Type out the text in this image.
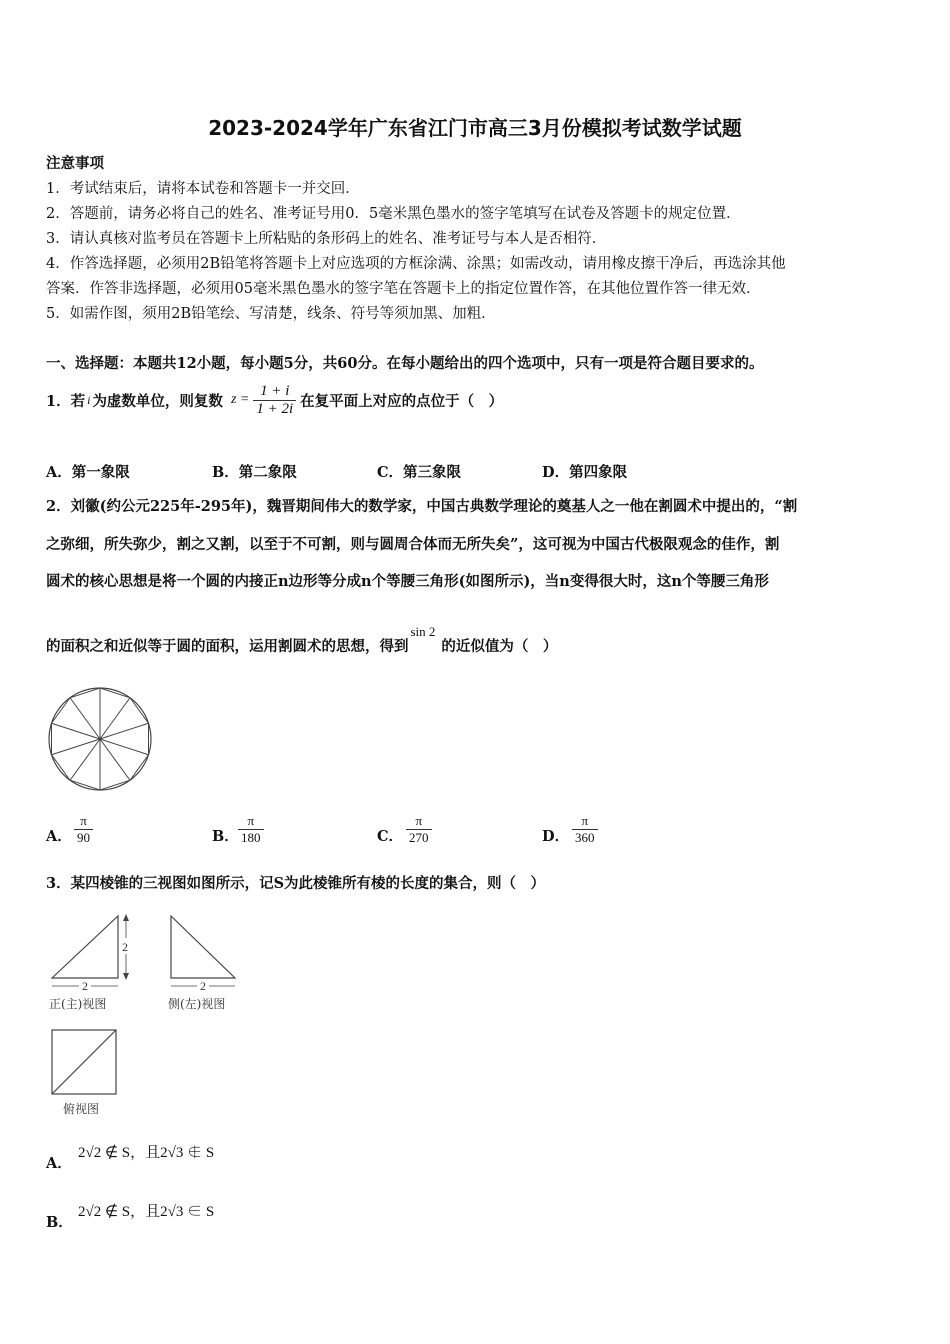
2023-2024学年广东省江门市高三3月份模拟考试数学试题
注意事项
1．考试结束后，请将本试卷和答题卡一并交回．
2．答题前，请务必将自己的姓名、准考证号用0．5毫米黑色墨水的签字笔填写在试卷及答题卡的规定位置．
3．请认真核对监考员在答题卡上所粘贴的条形码上的姓名、准考证号与本人是否相符．
4．作答选择题，必须用2B铅笔将答题卡上对应选项的方框涂满、涂黑；如需改动，请用橡皮擦干净后，再选涂其他
答案．作答非选择题，必须用05毫米黑色墨水的签字笔在答题卡上的指定位置作答，在其他位置作答一律无效．
5．如需作图，须用2B铅笔绘、写清楚，线条、符号等须加黑、加粗．
一、选择题：本题共12小题，每小题5分，共60分。在每小题给出的四个选项中，只有一项是符合题目要求的。
1．若 i 为虚数单位，则复数 $z = \frac{1 + i}{1 + 2i}$ 在复平面上对应的点位于（　）
A．第一象限	B．第二象限	C．第三象限	D．第四象限
2．刘徽(约公元225年-295年)，魏晋期间伟大的数学家，中国古典数学理论的奠基人之一他在割圆术中提出的，“割
之弥细，所失弥少，割之又割，以至于不可割，则与圆周合体而无所失矣”，这可视为中国古代极限观念的佳作，割
圆术的核心思想是将一个圆的内接正n边形等分成n个等腰三角形(如图所示)，当n变得很大时，这n个等腰三角形
的面积之和近似等于圆的面积，运用割圆术的思想，得到
sin 2
的近似值为（　）
A． $\frac{\pi}{90}$	B． $\frac{\pi}{180}$	C． $\frac{\pi}{270}$	D． $\frac{\pi}{360}$
3．某四棱锥的三视图如图所示，记S为此棱锥所有棱的长度的集合，则（　）
2
2
正(主)视图
2
侧(左)视图
俯视图
A．
2√2 ∉ S，且2√3 ∉ S
B．
2√2 ∉ S，且2√3 ∈ S
